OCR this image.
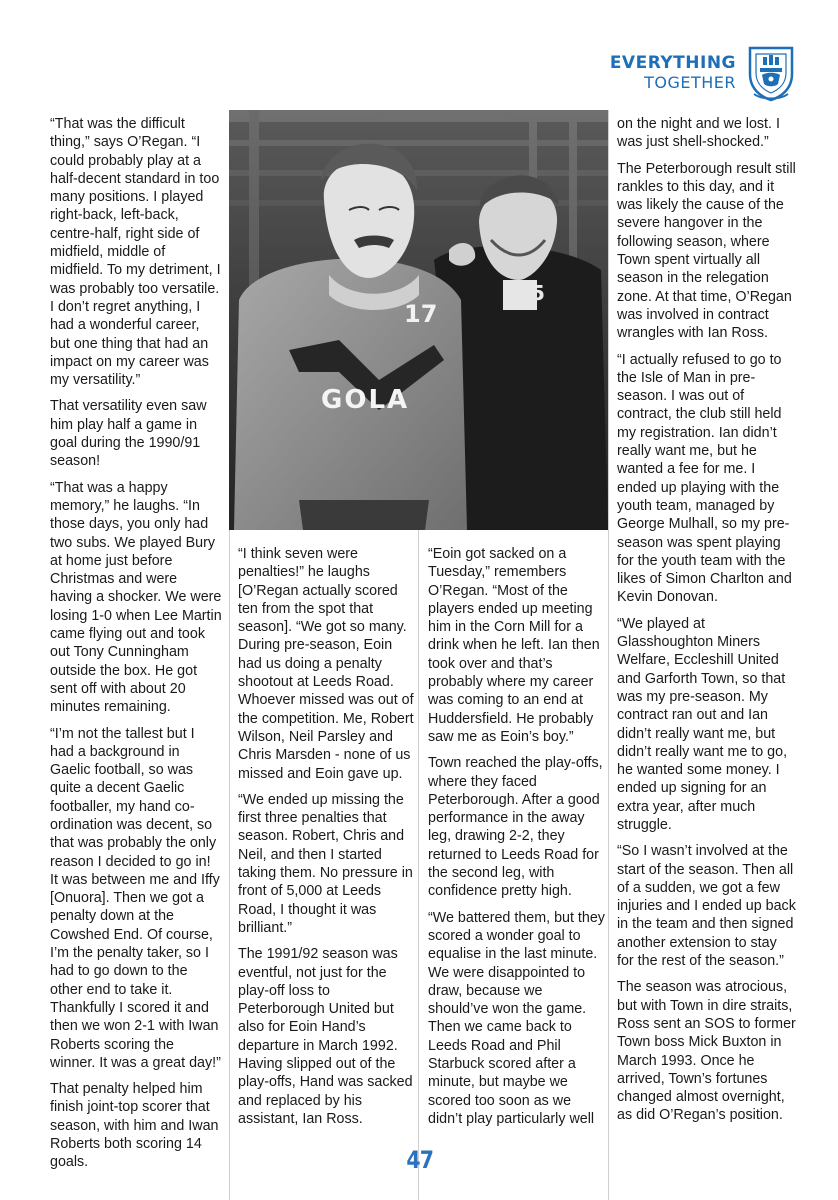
EVERYTHING
TOGETHER
5
17
GOLA

“That was the difficult thing,” says O’Regan. “I could probably play at a half-decent standard in too many positions. I played right-back, left-back, centre-half, right side of midfield, middle of midfield. To my detriment, I was probably too versatile. I don’t regret anything, I had a wonderful career, but one thing that had an impact on my career was my versatility.”

That versatility even saw him play half a game in goal during the 1990/91 season!

“That was a happy memory,” he laughs. “In those days, you only had two subs. We played Bury at home just before Christmas and were having a shocker. We were losing 1-0 when Lee Martin came flying out and took out Tony Cunningham outside the box. He got sent off with about 20 minutes remaining.

“I’m not the tallest but I had a background in Gaelic football, so was quite a decent Gaelic footballer, my hand co-ordination was decent, so that was probably the only reason I decided to go in! It was between me and Iffy [Onuora]. Then we got a penalty down at the Cowshed End. Of course, I’m the penalty taker, so I had to go down to the other end to take it. Thankfully I scored it and then we won 2-1 with Iwan Roberts scoring the winner. It was a great day!”

That penalty helped him finish joint-top scorer that season, with him and Iwan Roberts both scoring 14 goals.

“I think seven were penalties!” he laughs [O’Regan actually scored ten from the spot that season]. “We got so many. During pre-season, Eoin had us doing a penalty shootout at Leeds Road. Whoever missed was out of the competition. Me, Robert Wilson, Neil Parsley and Chris Marsden - none of us missed and Eoin gave up.

“We ended up missing the first three penalties that season. Robert, Chris and Neil, and then I started taking them. No pressure in front of 5,000 at Leeds Road, I thought it was brilliant.”

The 1991/92 season was eventful, not just for the play-off loss to Peterborough United but also for Eoin Hand’s departure in March 1992. Having slipped out of the play-offs, Hand was sacked and replaced by his assistant, Ian Ross.

“Eoin got sacked on a Tuesday,” remembers O’Regan. “Most of the players ended up meeting him in the Corn Mill for a drink when he left. Ian then took over and that’s probably where my career was coming to an end at Huddersfield. He probably saw me as Eoin’s boy.”

Town reached the play-offs, where they faced Peterborough. After a good performance in the away leg, drawing 2-2, they returned to Leeds Road for the second leg, with confidence pretty high.

“We battered them, but they scored a wonder goal to equalise in the last minute. We were disappointed to draw, because we should’ve won the game. Then we came back to Leeds Road and Phil Starbuck scored after a minute, but maybe we scored too soon as we didn’t play particularly well

on the night and we lost. I was just shell-shocked.”

The Peterborough result still rankles to this day, and it was likely the cause of the severe hangover in the following season, where Town spent virtually all season in the relegation zone. At that time, O’Regan was involved in contract wrangles with Ian Ross.

“I actually refused to go to the Isle of Man in pre-season. I was out of contract, the club still held my registration. Ian didn’t really want me, but he wanted a fee for me. I ended up playing with the youth team, managed by George Mulhall, so my pre-season was spent playing for the youth team with the likes of Simon Charlton and Kevin Donovan.

“We played at Glasshoughton Miners Welfare, Eccleshill United and Garforth Town, so that was my pre-season. My contract ran out and Ian didn’t really want me, but didn’t really want me to go, he wanted some money. I ended up signing for an extra year, after much struggle.

“So I wasn’t involved at the start of the season. Then all of a sudden, we got a few injuries and I ended up back in the team and then signed another extension to stay for the rest of the season.”

The season was atrocious, but with Town in dire straits, Ross sent an SOS to former Town boss Mick Buxton in March 1993. Once he arrived, Town’s fortunes changed almost overnight, as did O’Regan’s position.

47
